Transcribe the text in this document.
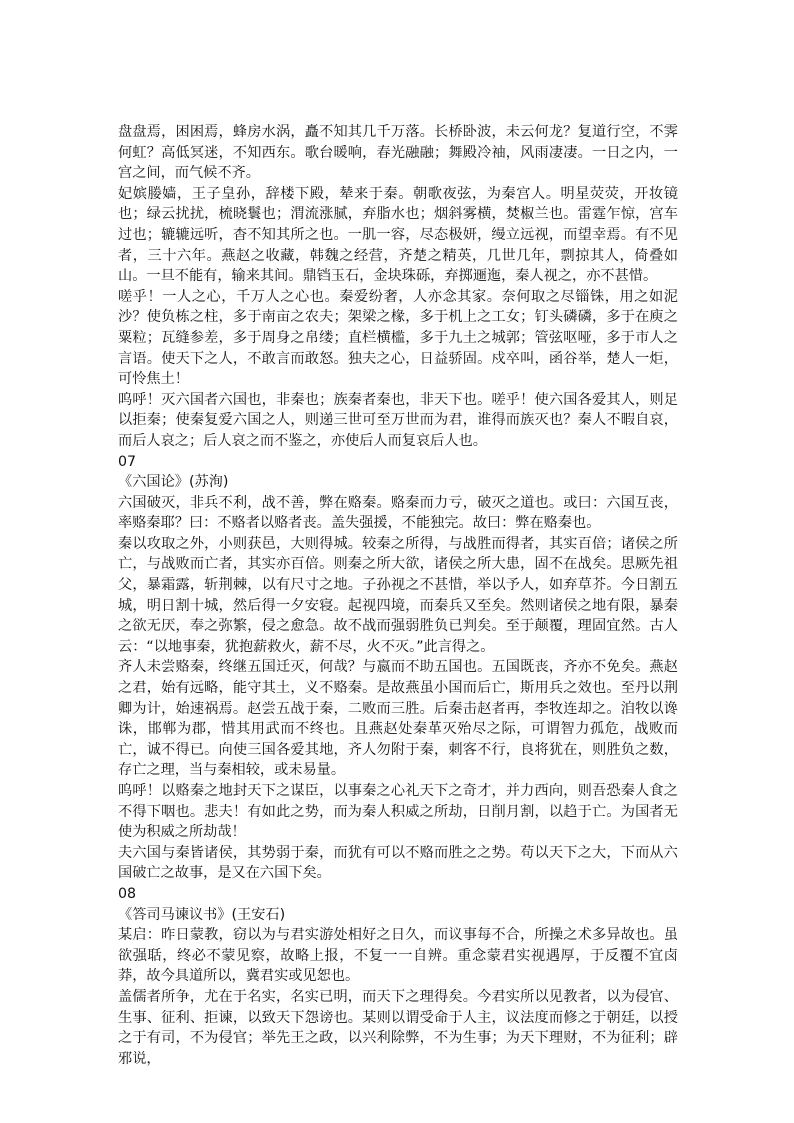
盘盘焉，困困焉，蜂房水涡，矗不知其几千万落。长桥卧波，未云何龙？复道行空，不霁何虹？高低冥迷，不知西东。歌台暖响，春光融融；舞殿冷袖，风雨凄凄。一日之内，一宫之间，而气候不齐。

妃嫔媵嫱，王子皇孙，辞楼下殿，辇来于秦。朝歌夜弦，为秦宫人。明星荧荧，开妆镜也；绿云扰扰，梳晓鬟也；渭流涨腻，弃脂水也；烟斜雾横，焚椒兰也。雷霆乍惊，宫车过也；辘辘远听，杳不知其所之也。一肌一容，尽态极妍，缦立远视，而望幸焉。有不见者，三十六年。燕赵之收藏，韩魏之经营，齐楚之精英，几世几年，剽掠其人，倚叠如山。一旦不能有，输来其间。鼎铛玉石，金块珠砾，弃掷逦迤，秦人视之，亦不甚惜。

嗟乎！一人之心，千万人之心也。秦爱纷奢，人亦念其家。奈何取之尽锱铢，用之如泥沙？使负栋之柱，多于南亩之农夫；架梁之椽，多于机上之工女；钉头磷磷，多于在庾之粟粒；瓦缝参差，多于周身之帛缕；直栏横槛，多于九土之城郭；管弦呕哑，多于市人之言语。使天下之人，不敢言而敢怒。独夫之心，日益骄固。戍卒叫，函谷举，楚人一炬，可怜焦土！

呜呼！灭六国者六国也，非秦也；族秦者秦也，非天下也。嗟乎！使六国各爱其人，则足以拒秦；使秦复爱六国之人，则递三世可至万世而为君，谁得而族灭也？秦人不暇自哀，而后人哀之；后人哀之而不鉴之，亦使后人而复哀后人也。

07

《六国论》(苏洵)

六国破灭，非兵不利，战不善，弊在赂秦。赂秦而力亏，破灭之道也。或曰：六国互丧，率赂秦耶？曰：不赂者以赂者丧。盖失强援，不能独完。故曰：弊在赂秦也。

秦以攻取之外，小则获邑，大则得城。较秦之所得，与战胜而得者，其实百倍；诸侯之所亡，与战败而亡者，其实亦百倍。则秦之所大欲，诸侯之所大患，固不在战矣。思厥先祖父，暴霜露，斩荆棘，以有尺寸之地。子孙视之不甚惜，举以予人，如弃草芥。今日割五城，明日割十城，然后得一夕安寝。起视四境，而秦兵又至矣。然则诸侯之地有限，暴秦之欲无厌，奉之弥繁，侵之愈急。故不战而强弱胜负已判矣。至于颠覆，理固宜然。古人云：“以地事秦，犹抱薪救火，薪不尽，火不灭。”此言得之。

齐人未尝赂秦，终继五国迁灭，何哉？与嬴而不助五国也。五国既丧，齐亦不免矣。燕赵之君，始有远略，能守其土，义不赂秦。是故燕虽小国而后亡，斯用兵之效也。至丹以荆卿为计，始速祸焉。赵尝五战于秦，二败而三胜。后秦击赵者再，李牧连却之。洎牧以谗诛，邯郸为郡，惜其用武而不终也。且燕赵处秦革灭殆尽之际，可谓智力孤危，战败而亡，诚不得已。向使三国各爱其地，齐人勿附于秦，刺客不行，良将犹在，则胜负之数，存亡之理，当与秦相较，或未易量。

呜呼！以赂秦之地封天下之谋臣，以事秦之心礼天下之奇才，并力西向，则吾恐秦人食之不得下咽也。悲夫！有如此之势，而为秦人积威之所劫，日削月割，以趋于亡。为国者无使为积威之所劫哉！

夫六国与秦皆诸侯，其势弱于秦，而犹有可以不赂而胜之之势。苟以天下之大，下而从六国破亡之故事，是又在六国下矣。

08

《答司马谏议书》(王安石)

某启：昨日蒙教，窃以为与君实游处相好之日久，而议事每不合，所操之术多异故也。虽欲强聒，终必不蒙见察，故略上报，不复一一自辨。重念蒙君实视遇厚，于反覆不宜卤莽，故今具道所以，冀君实或见恕也。

盖儒者所争，尤在于名实，名实已明，而天下之理得矣。今君实所以见教者，以为侵官、生事、征利、拒谏，以致天下怨谤也。某则以谓受命于人主，议法度而修之于朝廷，以授之于有司，不为侵官；举先王之政，以兴利除弊，不为生事；为天下理财，不为征利；辟邪说，
